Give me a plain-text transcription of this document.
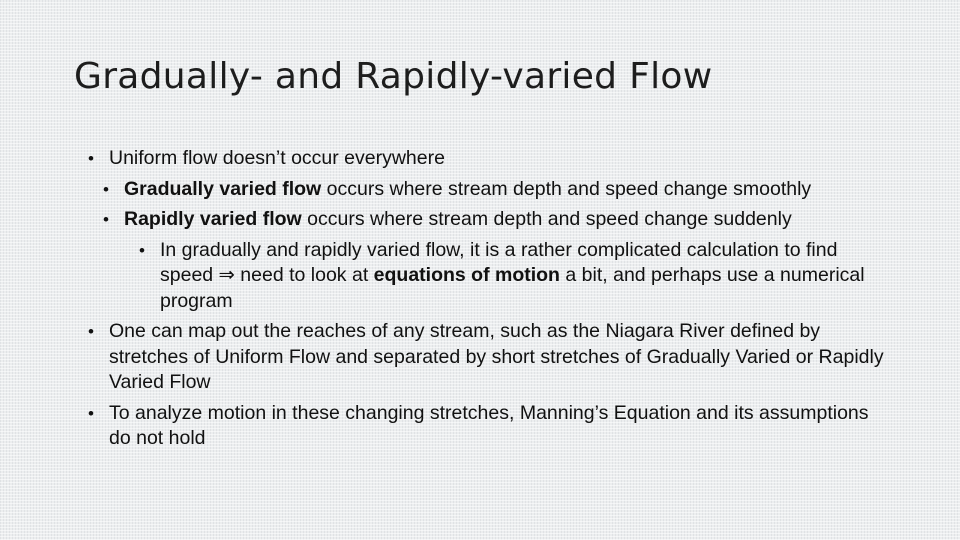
Gradually- and Rapidly-varied Flow
• Uniform flow doesn’t occur everywhere
• Gradually varied flow occurs where stream depth and speed change smoothly
• Rapidly varied flow occurs where stream depth and speed change suddenly
• In gradually and rapidly varied flow, it is a rather complicated calculation to find speed ⇒ need to look at equations of motion a bit, and perhaps use a numerical program
• One can map out the reaches of any stream, such as the Niagara River defined by stretches of Uniform Flow and separated by short stretches of Gradually Varied or Rapidly Varied Flow
• To analyze motion in these changing stretches, Manning’s Equation and its assumptions do not hold
